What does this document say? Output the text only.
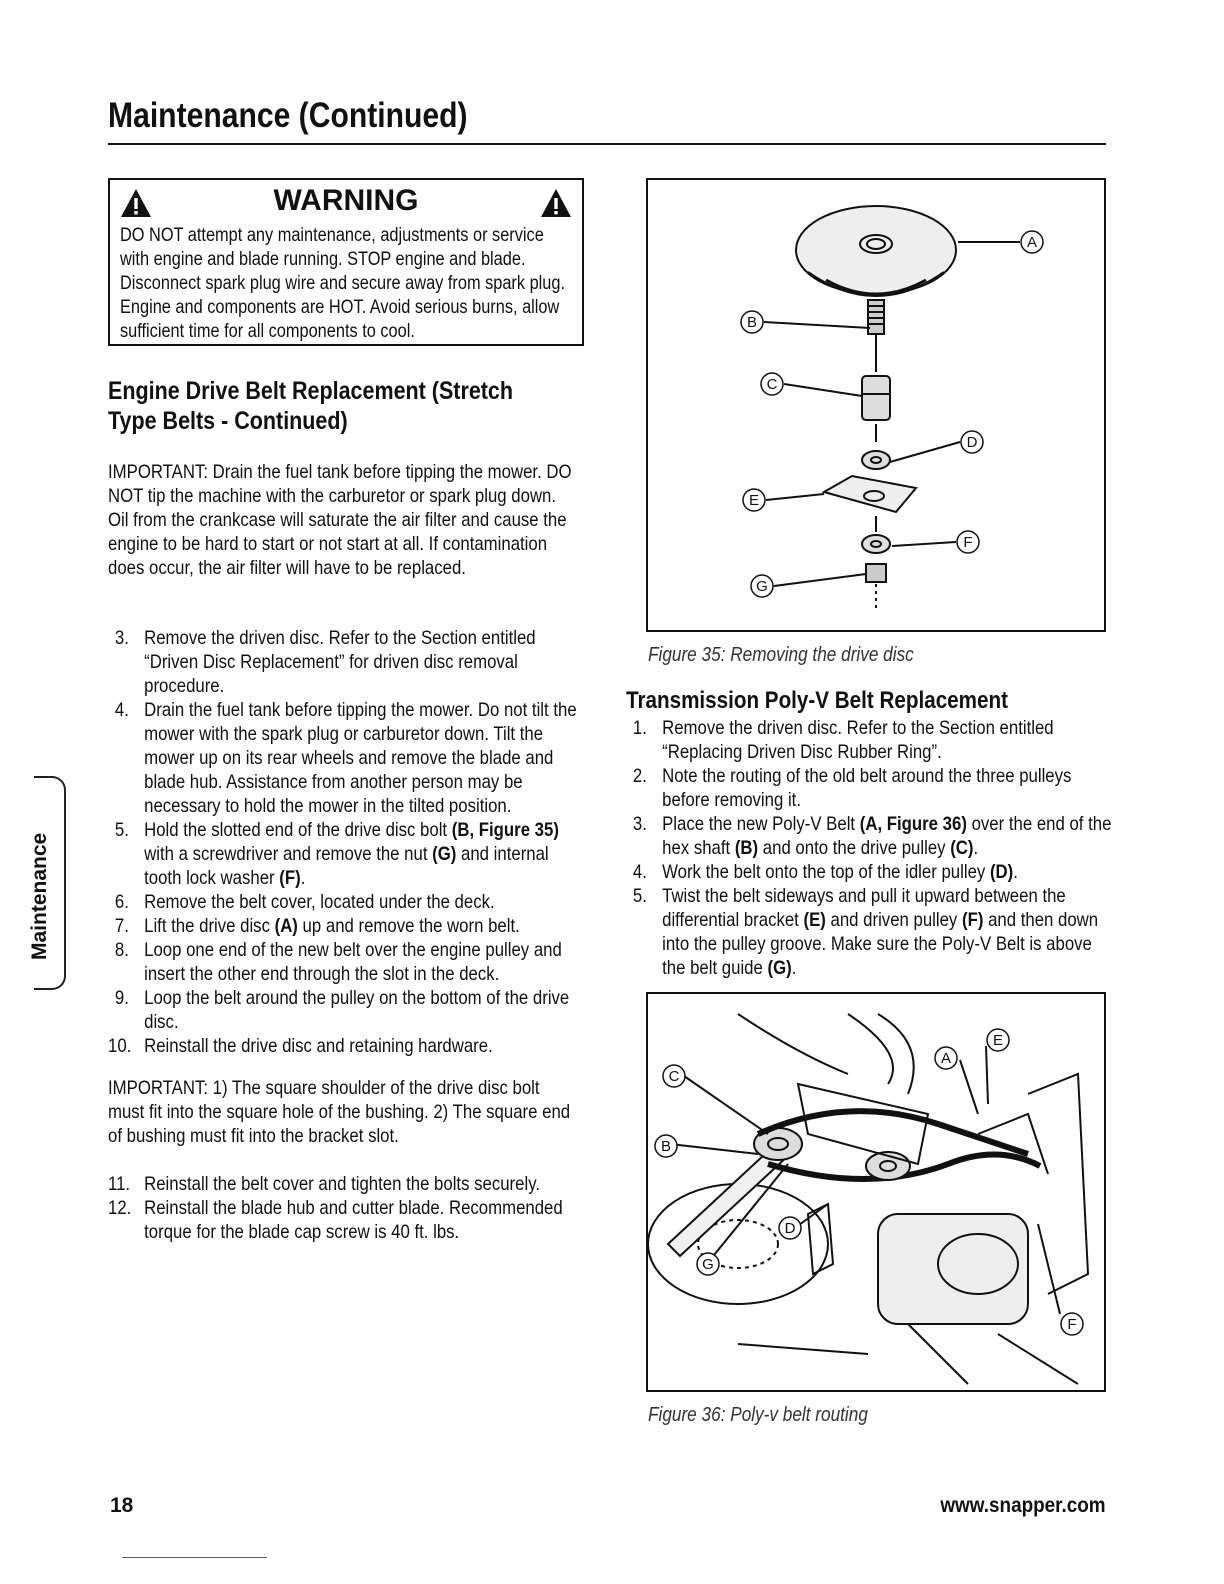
Maintenance (Continued)
WARNING
DO NOT attempt any maintenance, adjustments or service with engine and blade running. STOP engine and blade. Disconnect spark plug wire and secure away from spark plug. Engine and components are HOT. Avoid serious burns, allow sufficient time for all components to cool.
Engine Drive Belt Replacement (Stretch Type Belts - Continued)
IMPORTANT: Drain the fuel tank before tipping the mower. DO NOT tip the machine with the carburetor or spark plug down. Oil from the crankcase will saturate the air filter and cause the engine to be hard to start or not start at all. If contamination does occur, the air filter will have to be replaced.
3. Remove the driven disc. Refer to the Section entitled “Driven Disc Replacement” for driven disc removal procedure.
4. Drain the fuel tank before tipping the mower. Do not tilt the mower with the spark plug or carburetor down. Tilt the mower up on its rear wheels and remove the blade and blade hub. Assistance from another person may be necessary to hold the mower in the tilted position.
5. Hold the slotted end of the drive disc bolt (B, Figure 35) with a screwdriver and remove the nut (G) and internal tooth lock washer (F).
6. Remove the belt cover, located under the deck.
7. Lift the drive disc (A) up and remove the worn belt.
8. Loop one end of the new belt over the engine pulley and insert the other end through the slot in the deck.
9. Loop the belt around the pulley on the bottom of the drive disc.
10. Reinstall the drive disc and retaining hardware.
IMPORTANT: 1) The square shoulder of the drive disc bolt must fit into the square hole of the bushing. 2) The square end of bushing must fit into the bracket slot.
11. Reinstall the belt cover and tighten the bolts securely.
12. Reinstall the blade hub and cutter blade. Recommended torque for the blade cap screw is 40 ft. lbs.
A
B
C
D
E
F
G
Figure 35: Removing the drive disc
Transmission Poly-V Belt Replacement
1. Remove the driven disc. Refer to the Section entitled “Replacing Driven Disc Rubber Ring”.
2. Note the routing of the old belt around the three pulleys before removing it.
3. Place the new Poly-V Belt (A, Figure 36) over the end of the hex shaft (B) and onto the drive pulley (C).
4. Work the belt onto the top of the idler pulley (D).
5. Twist the belt sideways and pull it upward between the differential bracket (E) and driven pulley (F) and then down into the pulley groove. Make sure the Poly-V Belt is above the belt guide (G).
C
A
E
B
D
G
F
Figure 36: Poly-v belt routing
Maintenance
18	www.snapper.com
